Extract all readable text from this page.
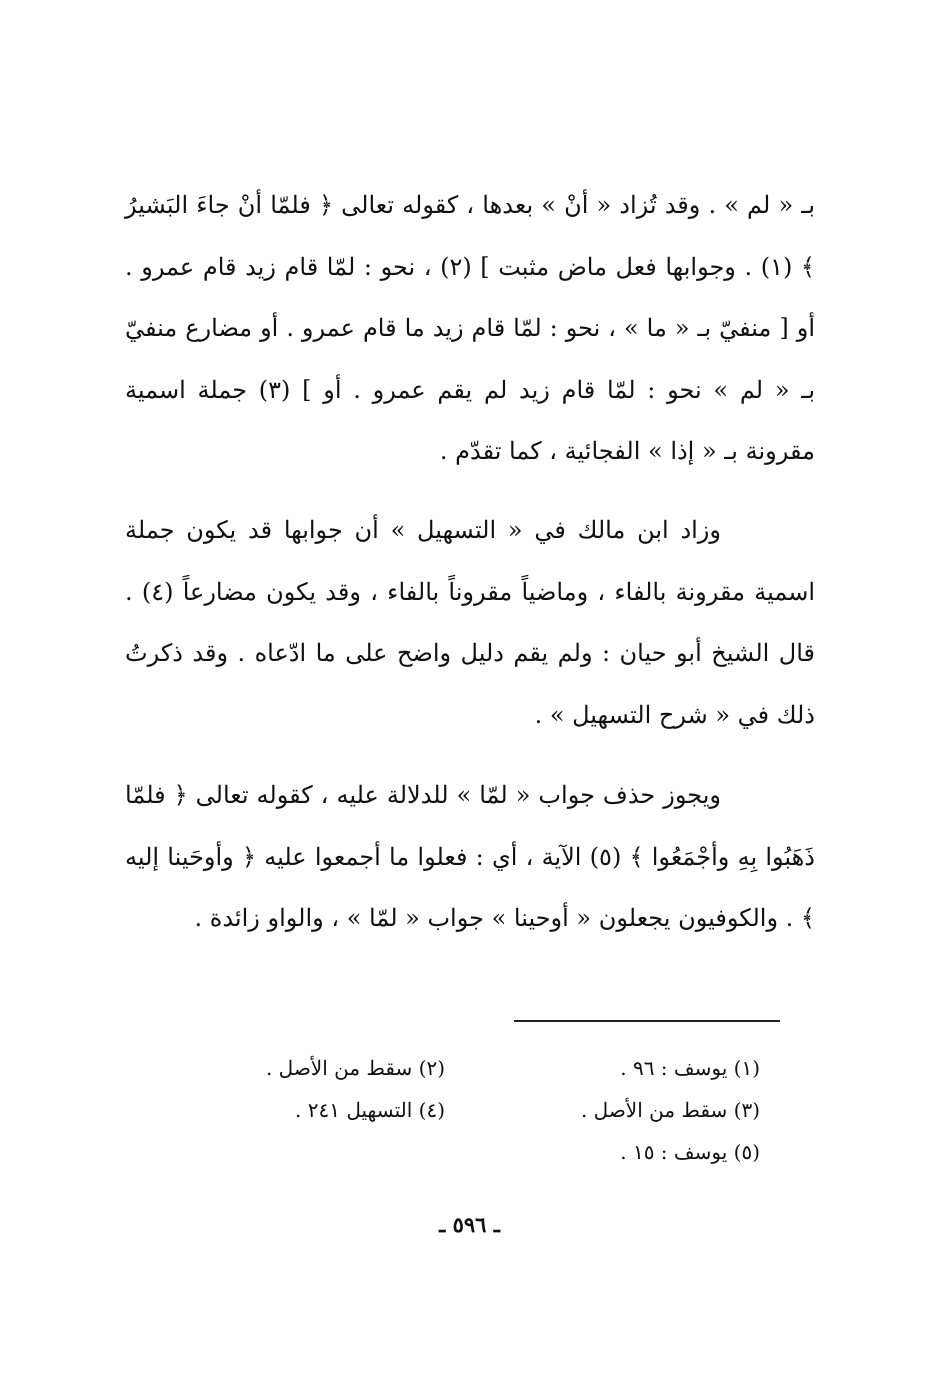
بـ « لم » . وقد تُزاد « أنْ » بعدها ، كقوله تعالى ﴿ فلمّا أنْ جاءَ البَشيرُ ﴾ (١) . وجوابها فعل ماض مثبت ] (٢) ، نحو : لمّا قام زيد قام عمرو . أو [ منفيّ بـ « ما » ، نحو : لمّا قام زيد ما قام عمرو . أو مضارع منفيّ بـ « لم » نحو : لمّا قام زيد لم يقم عمرو . أو ] (٣) جملة اسمية مقرونة بـ « إذا » الفجائية ، كما تقدّم .

وزاد ابن مالك في « التسهيل » أن جوابها قد يكون جملة اسمية مقرونة بالفاء ، وماضياً مقروناً بالفاء ، وقد يكون مضارعاً (٤) . قال الشيخ أبو حيان : ولم يقم دليل واضح على ما ادّعاه . وقد ذكرتُ ذلك في « شرح التسهيل » .

ويجوز حذف جواب « لمّا » للدلالة عليه ، كقوله تعالى ﴿ فلمّا ذَهَبُوا بِهِ وأجْمَعُوا ﴾ (٥) الآية ، أي : فعلوا ما أجمعوا عليه ﴿ وأوحَينا إليه ﴾ . والكوفيون يجعلون « أوحينا » جواب « لمّا » ، والواو زائدة .

(١) يوسف : ٩٦ .
(٢) سقط من الأصل .
(٣) سقط من الأصل .
(٤) التسهيل ٢٤١ .
(٥) يوسف : ١٥ .
ـ ٥٩٦ ـ
